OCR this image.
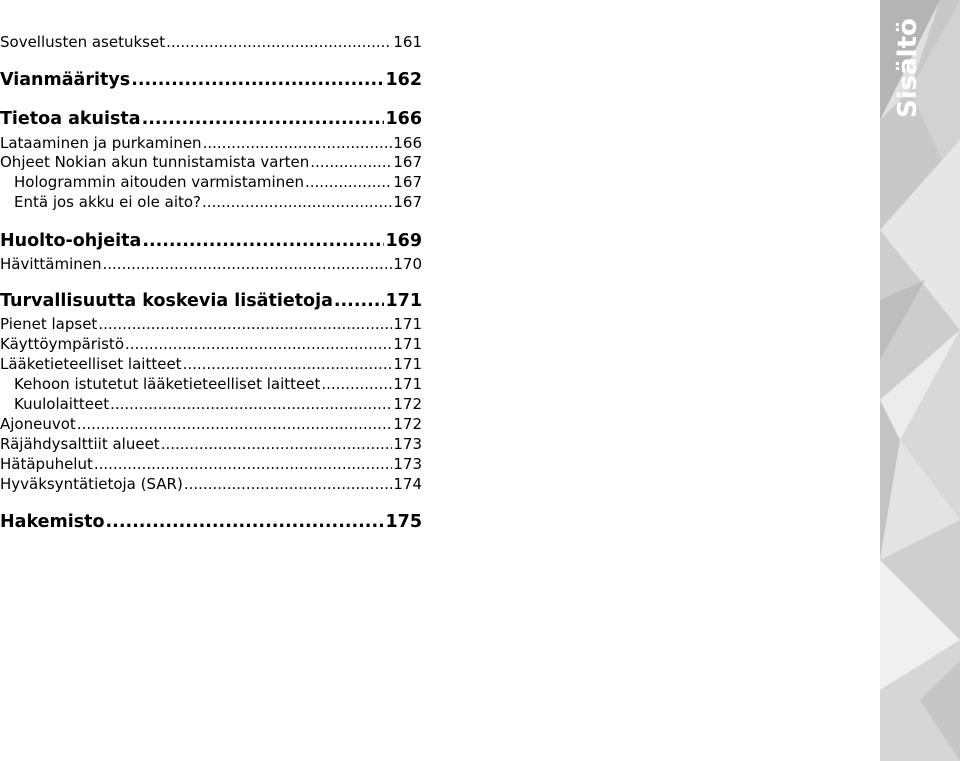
Sovellusten asetukset .....	161
Vianmääritys .....	162
Tietoa akuista .....	166
Lataaminen ja purkaminen .....	166
Ohjeet Nokian akun tunnistamista varten .....	167
Hologrammin aitouden varmistaminen .....	167
Entä jos akku ei ole aito? .....	167
Huolto-ohjeita .....	169
Hävittäminen .....	170
Turvallisuutta koskevia lisätietoja .....	171
Pienet lapset .....	171
Käyttöympäristö .....	171
Lääketieteelliset laitteet .....	171
Kehoon istutetut lääketieteelliset laitteet .....	171
Kuulolaitteet .....	172
Ajoneuvot .....	172
Räjähdysalttiit alueet .....	173
Hätäpuhelut .....	173
Hyväksyntätietoja (SAR) .....	174
Hakemisto .....	175
Sisältö
